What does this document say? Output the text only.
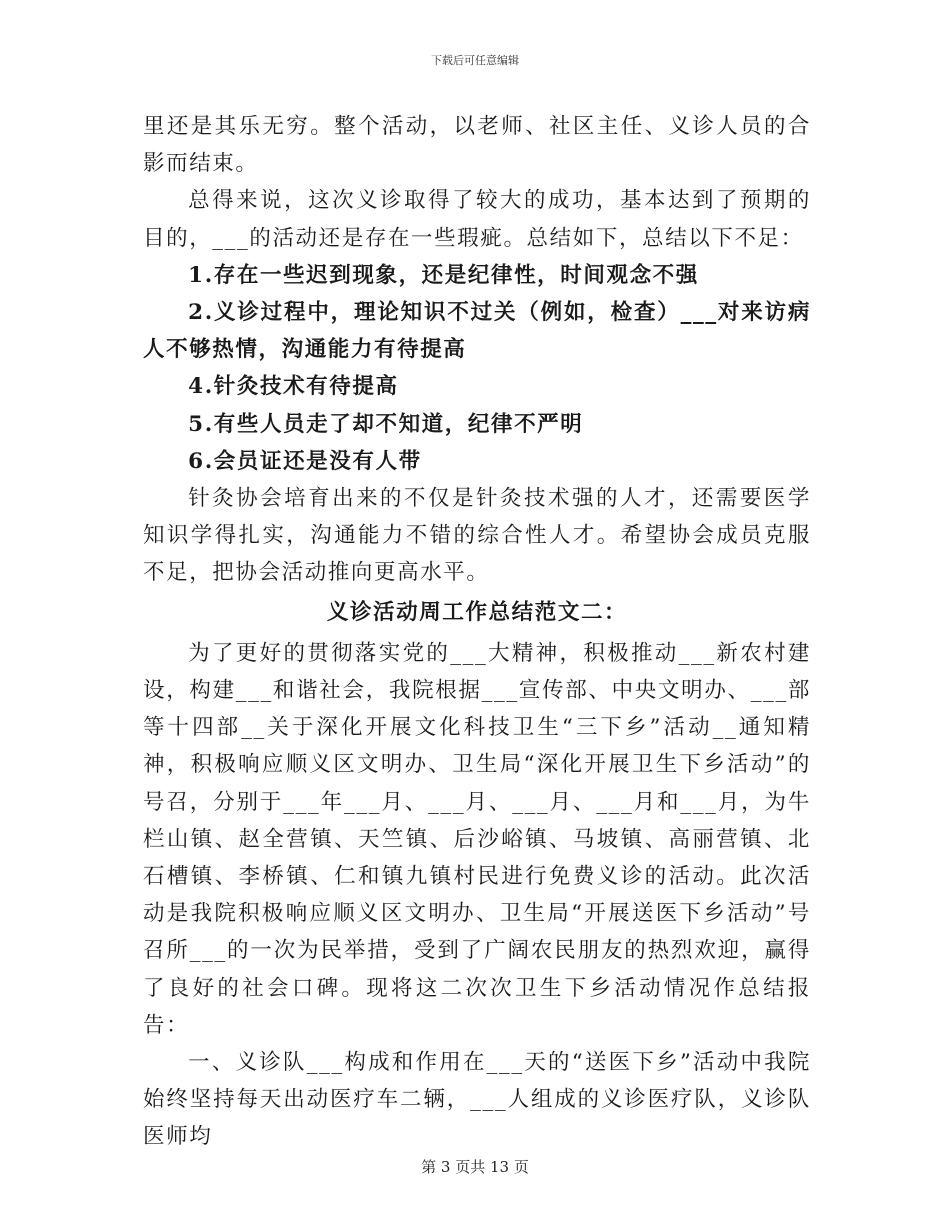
下载后可任意编辑

里还是其乐无穷。整个活动，以老师、社区主任、义诊人员的合影而结束。

总得来说，这次义诊取得了较大的成功，基本达到了预期的目的，___的活动还是存在一些瑕疵。总结如下，总结以下不足：

1.存在一些迟到现象，还是纪律性，时间观念不强

2.义诊过程中，理论知识不过关（例如，检查）___对来访病人不够热情，沟通能力有待提高

4.针灸技术有待提高

5.有些人员走了却不知道，纪律不严明

6.会员证还是没有人带

针灸协会培育出来的不仅是针灸技术强的人才，还需要医学知识学得扎实，沟通能力不错的综合性人才。希望协会成员克服不足，把协会活动推向更高水平。

义诊活动周工作总结范文二：

为了更好的贯彻落实党的___大精神，积极推动___新农村建设，构建___和谐社会，我院根据___宣传部、中央文明办、___部等十四部__关于深化开展文化科技卫生“三下乡”活动__通知精神，积极响应顺义区文明办、卫生局“深化开展卫生下乡活动”的号召，分别于___年___月、___月、___月、___月和___月，为牛栏山镇、赵全营镇、天竺镇、后沙峪镇、马坡镇、高丽营镇、北石槽镇、李桥镇、仁和镇九镇村民进行免费义诊的活动。此次活动是我院积极响应顺义区文明办、卫生局“开展送医下乡活动”号召所___的一次为民举措，受到了广阔农民朋友的热烈欢迎，赢得了良好的社会口碑。现将这二次次卫生下乡活动情况作总结报告：

一、义诊队___构成和作用在___天的“送医下乡”活动中我院始终坚持每天出动医疗车二辆，___人组成的义诊医疗队，义诊队医师均

第 3 页共 13 页
